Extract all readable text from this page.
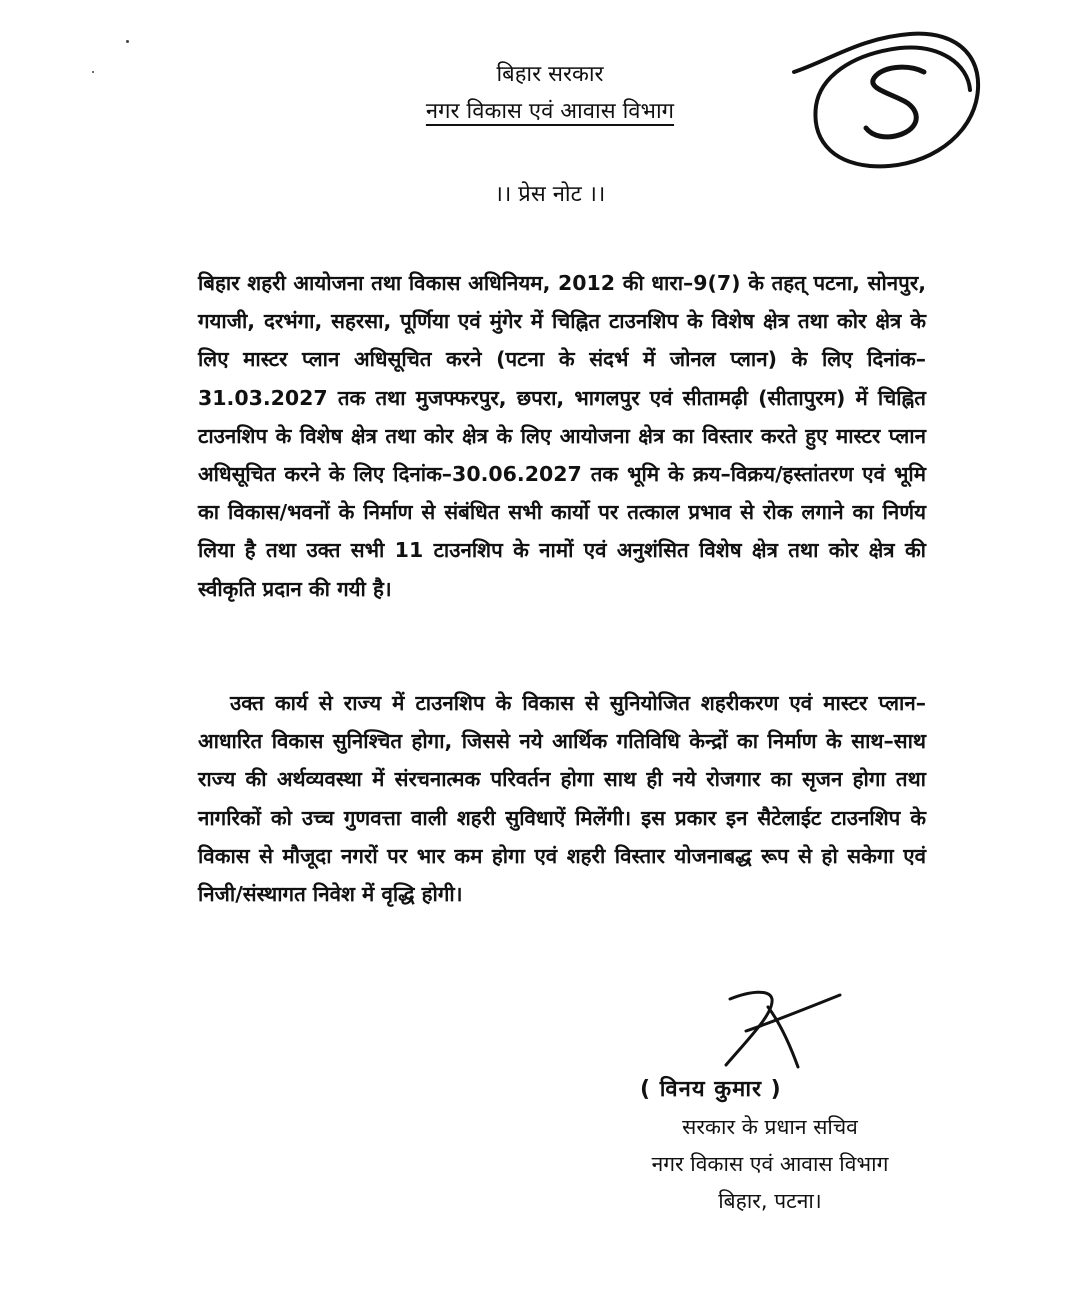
बिहार सरकार
नगर विकास एवं आवास विभाग
।। प्रेस नोट ।।

बिहार शहरी आयोजना तथा विकास अधिनियम, 2012 की धारा–9(7) के तहत् पटना, सोनपुर, गयाजी, दरभंगा, सहरसा, पूर्णिया एवं मुंगेर में चिह्नित टाउनशिप के विशेष क्षेत्र तथा कोर क्षेत्र के लिए मास्टर प्लान अधिसूचित करने (पटना के संदर्भ में जोनल प्लान) के लिए दिनांक–31.03.2027 तक तथा मुजफ्फरपुर, छपरा, भागलपुर एवं सीतामढ़ी (सीतापुरम) में चिह्नित टाउनशिप के विशेष क्षेत्र तथा कोर क्षेत्र के लिए आयोजना क्षेत्र का विस्तार करते हुए मास्टर प्लान अधिसूचित करने के लिए दिनांक–30.06.2027 तक भूमि के क्रय–विक्रय/हस्तांतरण एवं भूमि का विकास/भवनों के निर्माण से संबंधित सभी कार्यो पर तत्काल प्रभाव से रोक लगाने का निर्णय लिया है तथा उक्त सभी 11 टाउनशिप के नामों एवं अनुशंसित विशेष क्षेत्र तथा कोर क्षेत्र की स्वीकृति प्रदान की गयी है।

उक्त कार्य से राज्य में टाउनशिप के विकास से सुनियोजित शहरीकरण एवं मास्टर प्लान– आधारित विकास सुनिश्चित होगा, जिससे नये आर्थिक गतिविधि केन्द्रों का निर्माण के साथ–साथ राज्य की अर्थव्यवस्था में संरचनात्मक परिवर्तन होगा साथ ही नये रोजगार का सृजन होगा तथा नागरिकों को उच्च गुणवत्ता वाली शहरी सुविधाऐं मिलेंगी। इस प्रकार इन सैटेलाईट टाउनशिप के विकास से मौजूदा नगरों पर भार कम होगा एवं शहरी विस्तार योजनाबद्ध रूप से हो सकेगा एवं निजी/संस्थागत निवेश में वृद्धि होगी।

( विनय कुमार )
सरकार के प्रधान सचिव
नगर विकास एवं आवास विभाग
बिहार, पटना।
